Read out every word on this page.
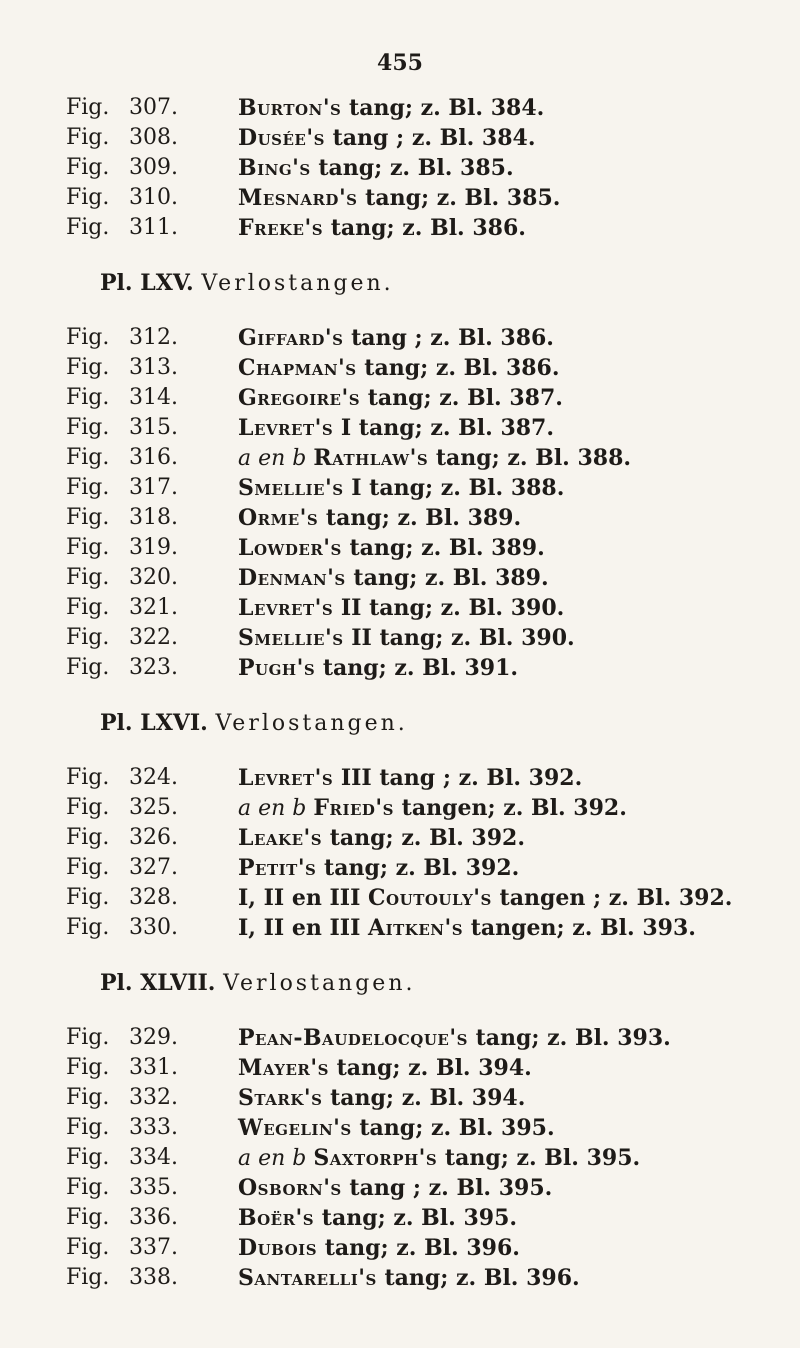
455
Fig. 307.	Burton's tang; z. Bl. 384.
Fig. 308.	Dusée's tang ; z. Bl. 384.
Fig. 309.	Bing's tang; z. Bl. 385.
Fig. 310.	Mesnard's tang; z. Bl. 385.
Fig. 311.	Freke's tang; z. Bl. 386.
Pl. LXV. Verlostangen.
Fig. 312.	Giffard's tang ; z. Bl. 386.
Fig. 313.	Chapman's tang; z. Bl. 386.
Fig. 314.	Gregoire's tang; z. Bl. 387.
Fig. 315.	Levret's I tang; z. Bl. 387.
Fig. 316.	a en b Rathlaw's tang; z. Bl. 388.
Fig. 317.	Smellie's I tang; z. Bl. 388.
Fig. 318.	Orme's tang; z. Bl. 389.
Fig. 319.	Lowder's tang; z. Bl. 389.
Fig. 320.	Denman's tang; z. Bl. 389.
Fig. 321.	Levret's II tang; z. Bl. 390.
Fig. 322.	Smellie's II tang; z. Bl. 390.
Fig. 323.	Pugh's tang; z. Bl. 391.
Pl. LXVI. Verlostangen.
Fig. 324.	Levret's III tang ; z. Bl. 392.
Fig. 325.	a en b Fried's tangen; z. Bl. 392.
Fig. 326.	Leake's tang; z. Bl. 392.
Fig. 327.	Petit's tang; z. Bl. 392.
Fig. 328.	I, II en III Coutouly's tangen ; z. Bl. 392.
Fig. 330.	I, II en III Aitken's tangen; z. Bl. 393.
Pl. XLVII. Verlostangen.
Fig. 329.	Pean-Baudelocque's tang; z. Bl. 393.
Fig. 331.	Mayer's tang; z. Bl. 394.
Fig. 332.	Stark's tang; z. Bl. 394.
Fig. 333.	Wegelin's tang; z. Bl. 395.
Fig. 334.	a en b Saxtorph's tang; z. Bl. 395.
Fig. 335.	Osborn's tang ; z. Bl. 395.
Fig. 336.	Boër's tang; z. Bl. 395.
Fig. 337.	Dubois tang; z. Bl. 396.
Fig. 338.	Santarelli's tang; z. Bl. 396.
